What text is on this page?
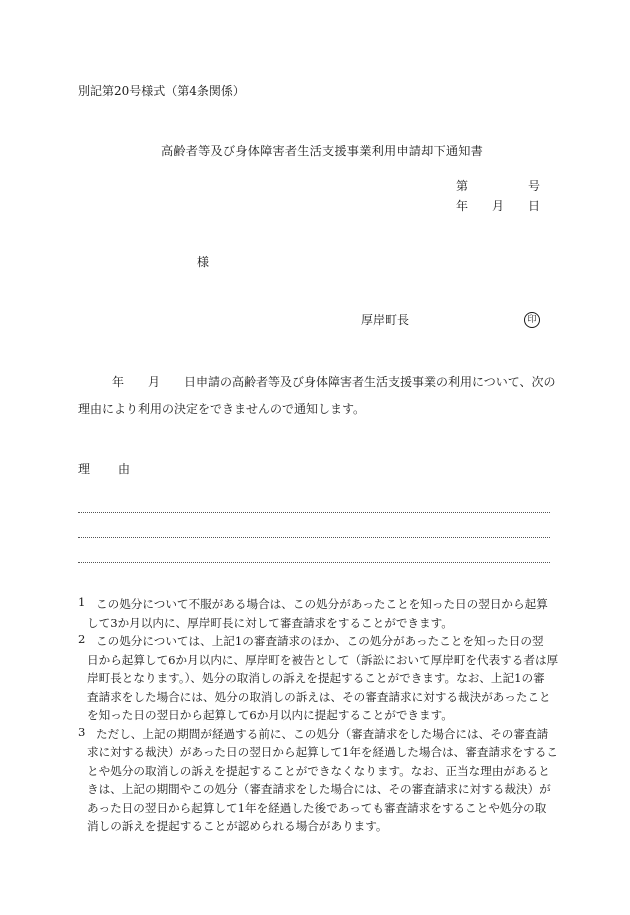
別記第20号様式（第4条関係）
高齢者等及び身体障害者生活支援事業利用申請却下通知書
第	号
年 月 日
様
厚岸町長	印
年 月 日申請の高齢者等及び身体障害者生活支援事業の利用について、次の
理由により利用の決定をできませんので通知します。
理　由
1 この処分について不服がある場合は、この処分があったことを知った日の翌日から起算
して3か月以内に、厚岸町長に対して審査請求をすることができます。
2 この処分については、上記1の審査請求のほか、この処分があったことを知った日の翌
日から起算して6か月以内に、厚岸町を被告として（訴訟において厚岸町を代表する者は厚
岸町長となります。）、処分の取消しの訴えを提起することができます。なお、上記1の審
査請求をした場合には、処分の取消しの訴えは、その審査請求に対する裁決があったこと
を知った日の翌日から起算して6か月以内に提起することができます。
3 ただし、上記の期間が経過する前に、この処分（審査請求をした場合には、その審査請
求に対する裁決）があった日の翌日から起算して1年を経過した場合は、審査請求をするこ
とや処分の取消しの訴えを提起することができなくなります。なお、正当な理由があると
きは、上記の期間やこの処分（審査請求をした場合には、その審査請求に対する裁決）が
あった日の翌日から起算して1年を経過した後であっても審査請求をすることや処分の取
消しの訴えを提起することが認められる場合があります。
